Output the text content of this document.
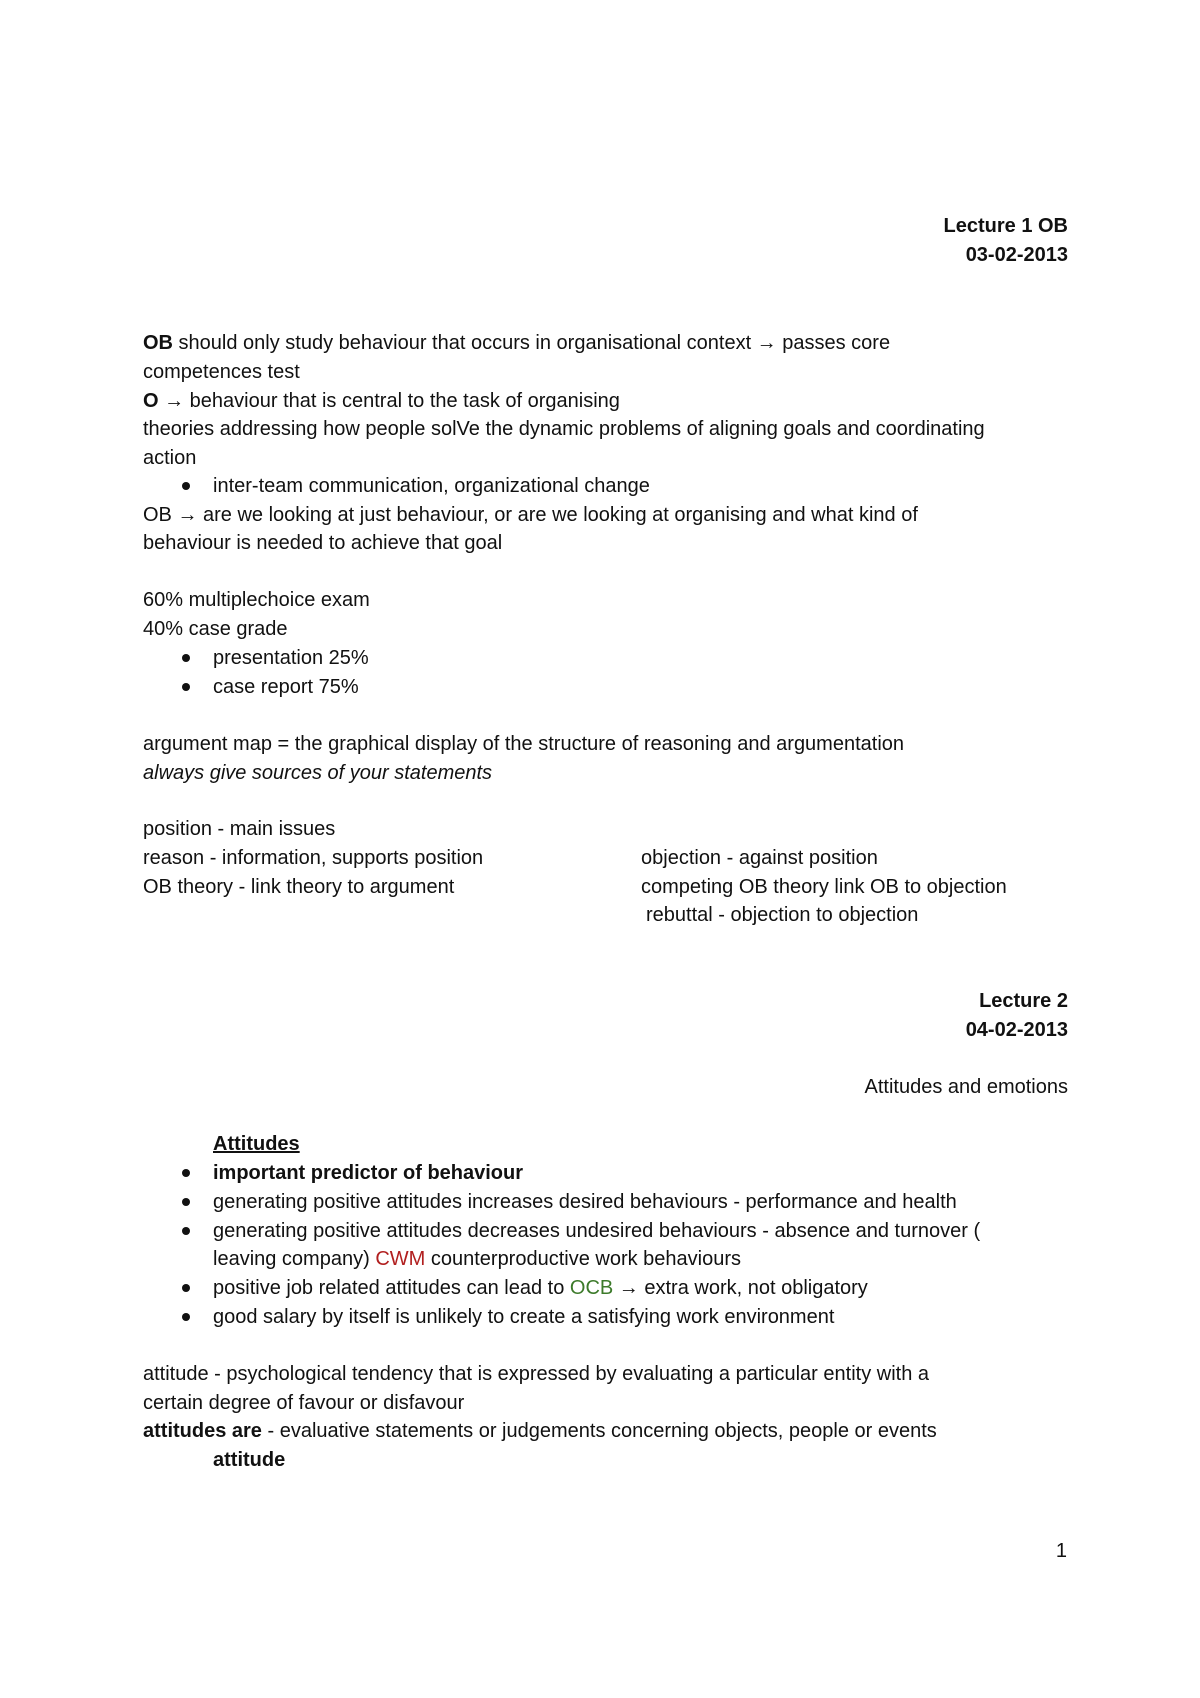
Lecture 1 OB
03-02-2013
OB should only study behaviour that occurs in organisational context → passes core
competences test
O → behaviour that is central to the task of organising
theories addressing how people solVe the dynamic problems of aligning goals and coordinating
action
inter-team communication, organizational change
OB → are we looking at just behaviour, or are we looking at organising and what kind of
behaviour is needed to achieve that goal
60% multiplechoice exam
40% case grade
presentation 25%
case report 75%
argument map = the graphical display of the structure of reasoning and argumentation
always give sources of your statements
position - main issues
reason - information, supports position	objection - against position
OB theory - link theory to argument	competing OB theory link OB to objection
rebuttal - objection to objection
Lecture 2
04-02-2013
Attitudes and emotions
Attitudes
important predictor of behaviour
generating positive attitudes increases desired behaviours - performance and health
generating positive attitudes decreases undesired behaviours - absence and turnover (
leaving company) CWM counterproductive work behaviours
positive job related attitudes can lead to OCB → extra work, not obligatory
good salary by itself is unlikely to create a satisfying work environment
attitude - psychological tendency that is expressed by evaluating a particular entity with a
certain degree of favour or disfavour
attitudes are - evaluative statements or judgements concerning objects, people or events
attitude
1
